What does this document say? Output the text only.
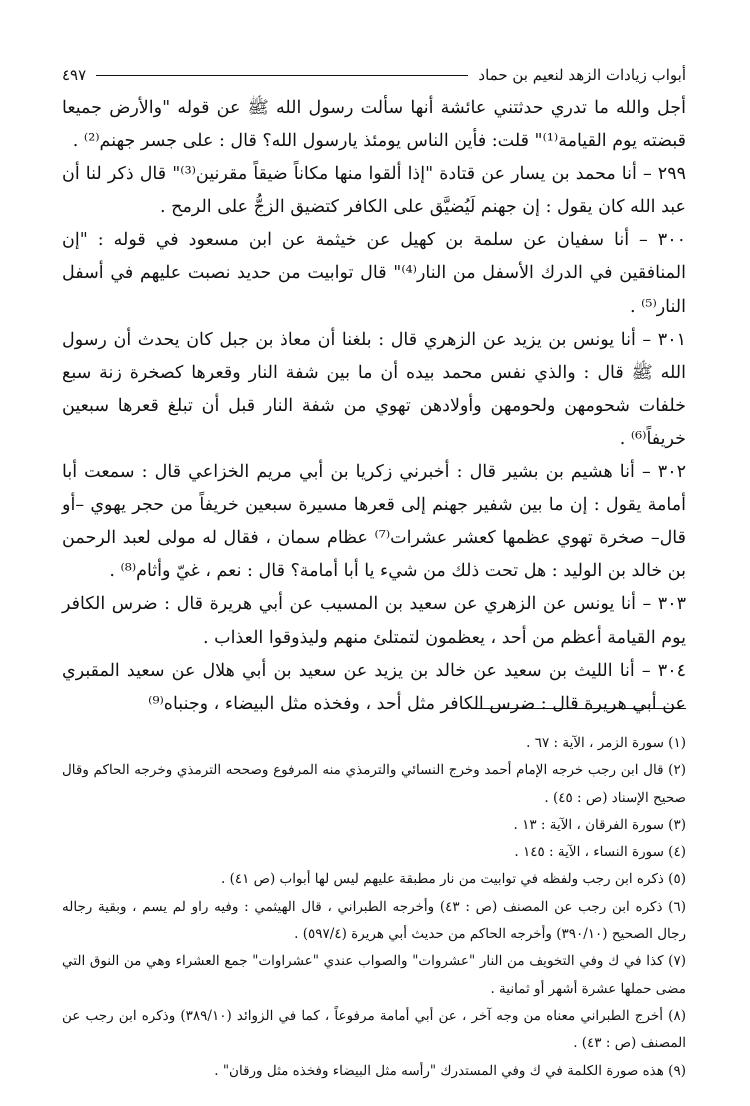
أبواب زيادات الزهد لنعيم بن حماد
٤٩٧

أجل والله ما تدري حدثتني عائشة أنها سألت رسول الله ﷺ عن قوله "والأرض جميعا قبضته يوم القيامة⁽¹⁾" قلت: فأين الناس يومئذ يارسول الله؟ قال : على جسر جهنم⁽²⁾ .

٢٩٩ – أنا محمد بن يسار عن قتادة "إذا ألقوا منها مكاناً ضيقاً مقرنين⁽³⁾" قال ذكر لنا أن عبد الله كان يقول : إن جهنم لَيُضيَّق على الكافر كتضيق الزجُّ على الرمح .

٣٠٠ – أنا سفيان عن سلمة بن كهيل عن خيثمة عن ابن مسعود في قوله : "إن المنافقين في الدرك الأسفل من النار⁽⁴⁾" قال توابيت من حديد نصبت عليهم في أسفل النار⁽⁵⁾ .

٣٠١ – أنا يونس بن يزيد عن الزهري قال : بلغنا أن معاذ بن جبل كان يحدث أن رسول الله ﷺ قال : والذي نفس محمد بيده أن ما بين شفة النار وقعرها كصخرة زنة سبع خلفات شحومهن ولحومهن وأولادهن تهوي من شفة النار قبل أن تبلغ قعرها سبعين خريفاً⁽⁶⁾ .

٣٠٢ – أنا هشيم بن بشير قال : أخبرني زكريا بن أبي مريم الخزاعي قال : سمعت أبا أمامة يقول : إن ما بين شفير جهنم إلى قعرها مسيرة سبعين خريفاً من حجر يهوي –أو قال– صخرة تهوي عظمها كعشر عشرات⁽⁷⁾ عظام سمان ، فقال له مولى لعبد الرحمن بن خالد بن الوليد : هل تحت ذلك من شيء يا أبا أمامة؟ قال : نعم ، غيّ وأثام⁽⁸⁾ .

٣٠٣ – أنا يونس عن الزهري عن سعيد بن المسيب عن أبي هريرة قال : ضرس الكافر يوم القيامة أعظم من أحد ، يعظمون لتمتلئ منهم وليذوقوا العذاب .

٣٠٤ – أنا الليث بن سعيد عن خالد بن يزيد عن سعيد بن أبي هلال عن سعيد المقبري عن أبي هريرة قال : ضرس الكافر مثل أحد ، وفخذه مثل البيضاء ، وجنباه⁽⁹⁾

(١) سورة الزمر ، الآية : ٦٧ .

(٢) قال ابن رجب خرجه الإمام أحمد وخرج النسائي والترمذي منه المرفوع وصححه الترمذي وخرجه الحاكم وقال صحيح الإسناد (ص : ٤٥) .

(٣) سورة الفرقان ، الآية : ١٣ .

(٤) سورة النساء ، الآية : ١٤٥ .

(٥) ذكره ابن رجب ولفظه في توابيت من نار مطبقة عليهم ليس لها أبواب (ص ٤١) .

(٦) ذكره ابن رجب عن المصنف (ص : ٤٣) وأخرجه الطبراني ، قال الهيثمي : وفيه راو لم يسم ، وبقية رجاله رجال الصحيح (٣٩٠/١٠) وأخرجه الحاكم من حديث أبي هريرة (٥٩٧/٤) .

(٧) كذا في ك وفي التخويف من النار "عشروات" والصواب عندي "عشراوات" جمع العشراء وهي من النوق التي مضى حملها عشرة أشهر أو ثمانية .

(٨) أخرج الطبراني معناه من وجه آخر ، عن أبي أمامة مرفوعاً ، كما في الزوائد (٣٨٩/١٠) وذكره ابن رجب عن المصنف (ص : ٤٣) .

(٩) هذه صورة الكلمة في ك وفي المستدرك "رأسه مثل البيضاء وفخذه مثل ورقان" .
